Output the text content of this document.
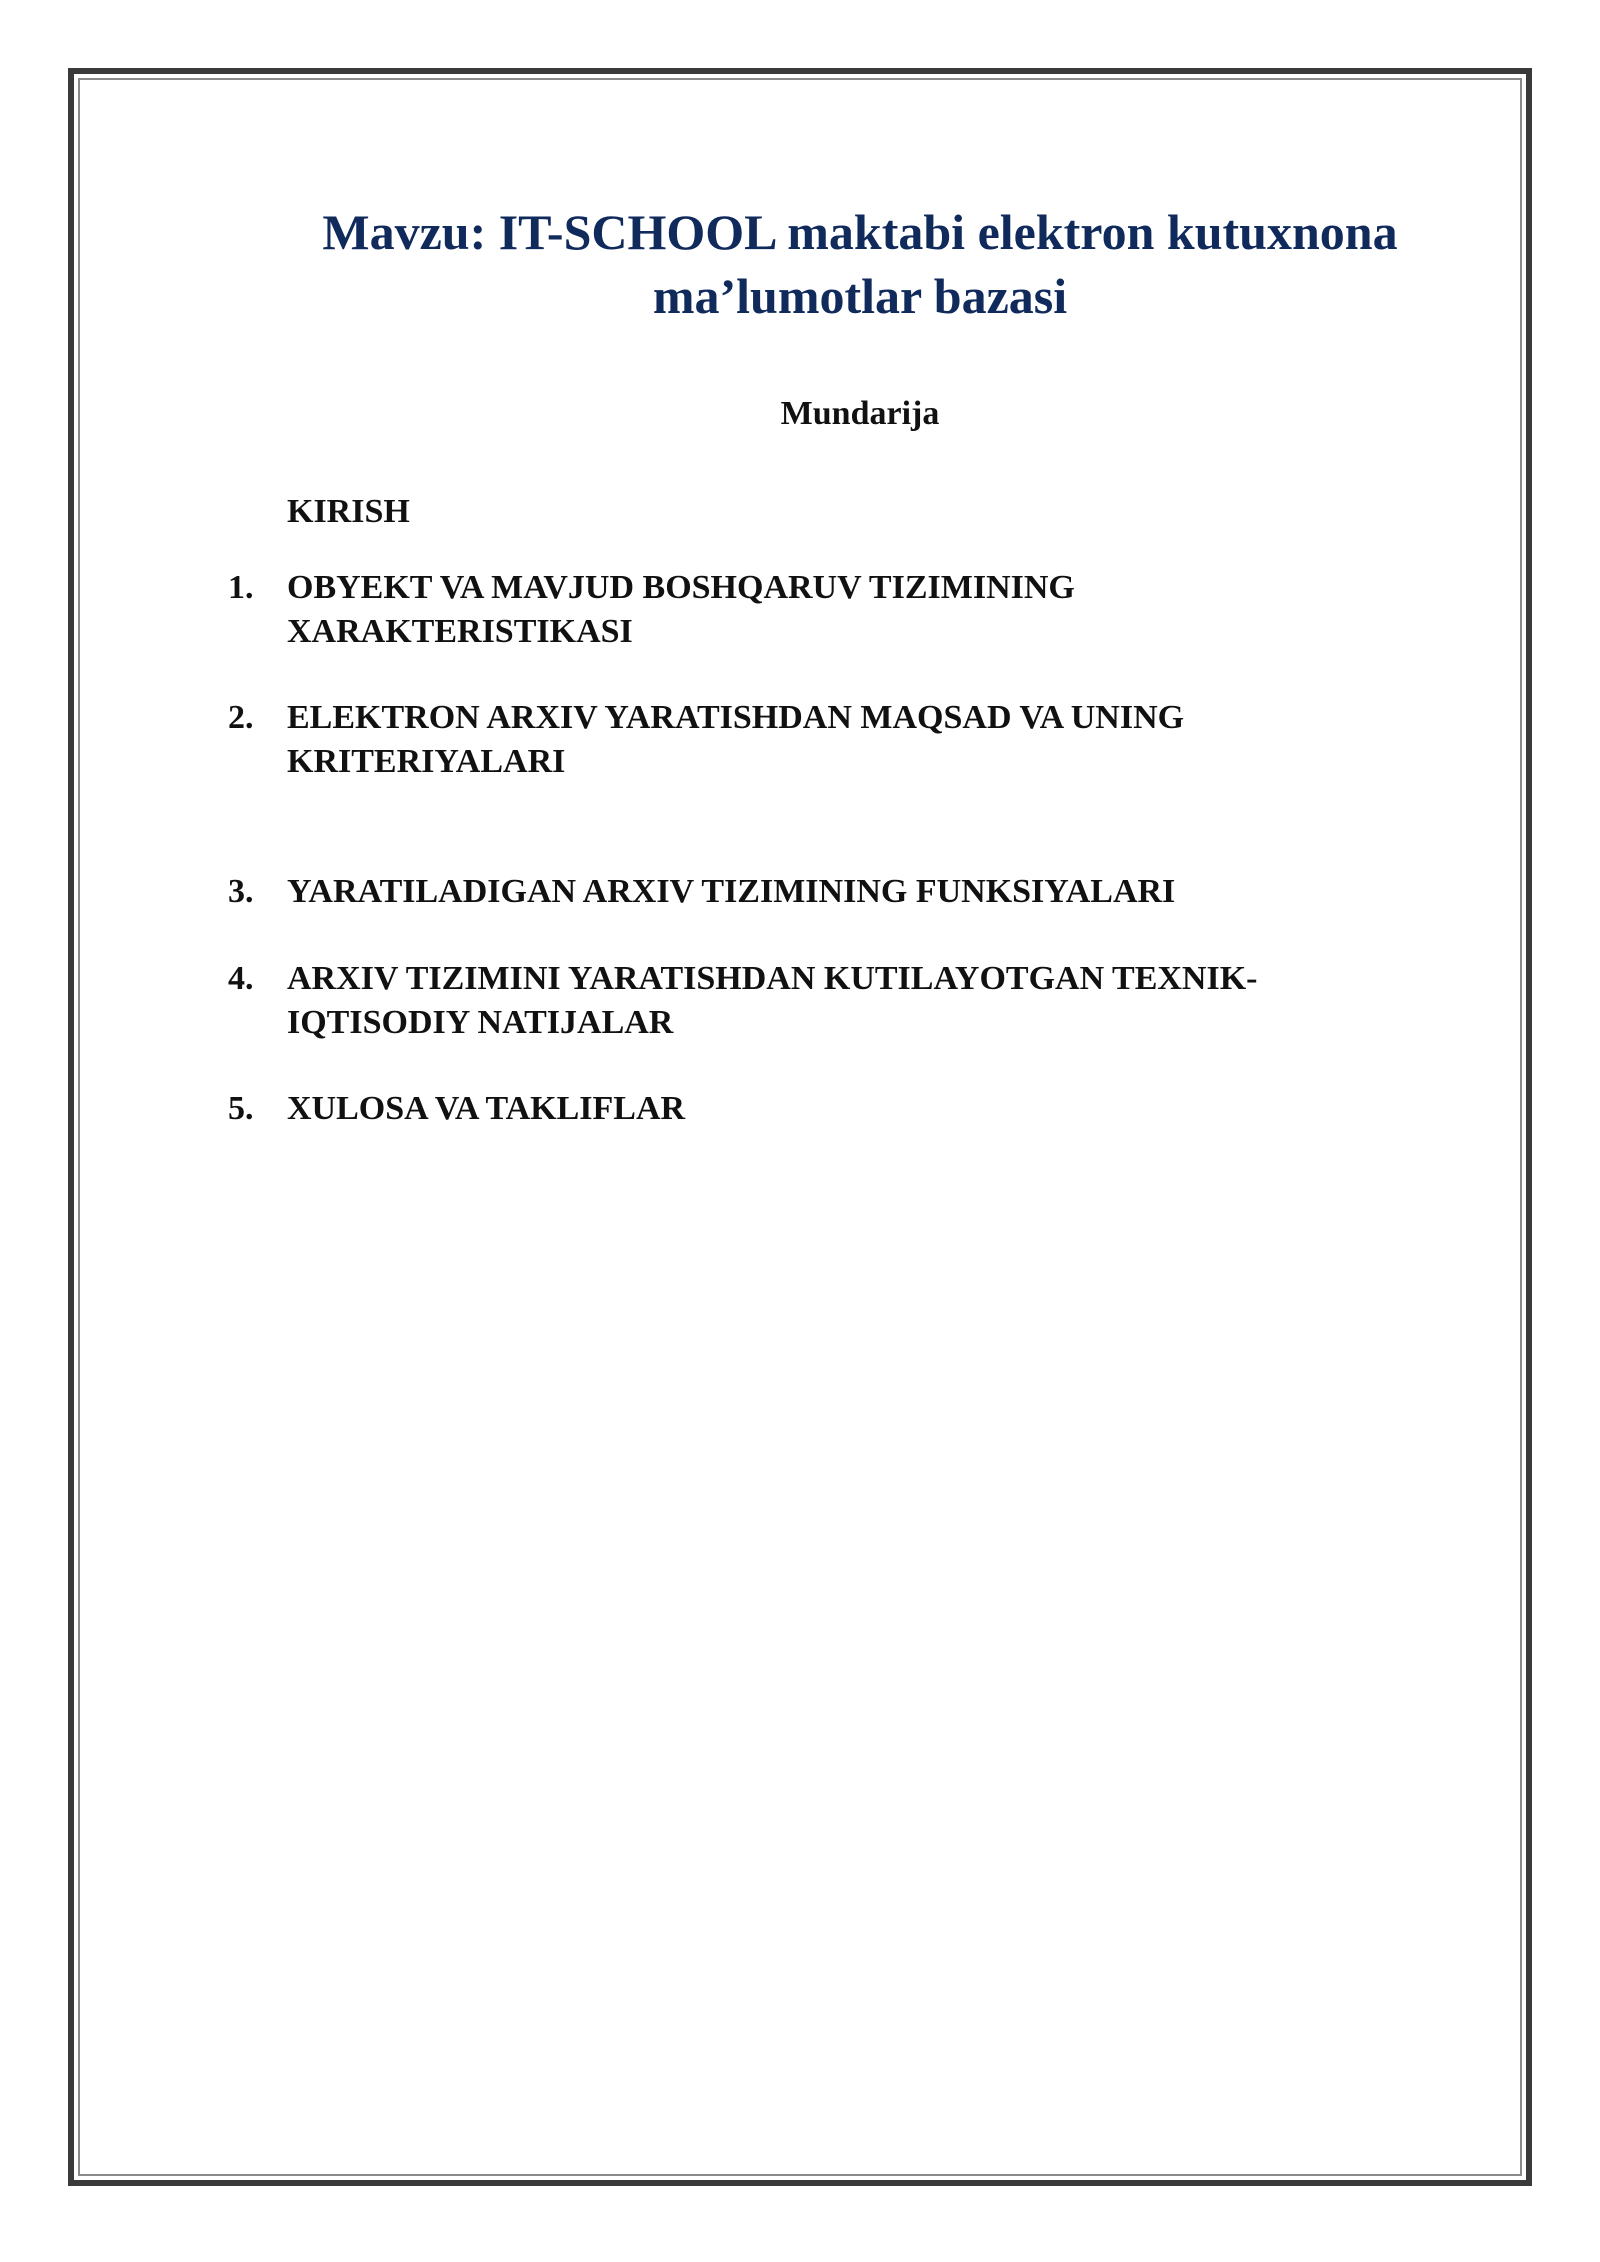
Mavzu: IT-SCHOOL maktabi elektron kutuxnona
ma’lumotlar bazasi
Mundarija
KIRISH
1. OBYEKT VA MAVJUD BOSHQARUV TIZIMINING
XARAKTERISTIKASI
2. ELEKTRON ARXIV YARATISHDAN MAQSAD VA UNING
KRITERIYALARI
3. YARATILADIGAN ARXIV TIZIMINING FUNKSIYALARI
4. ARXIV TIZIMINI YARATISHDAN KUTILAYOTGAN TEXNIK-
IQTISODIY NATIJALAR
5. XULOSA VA TAKLIFLAR
